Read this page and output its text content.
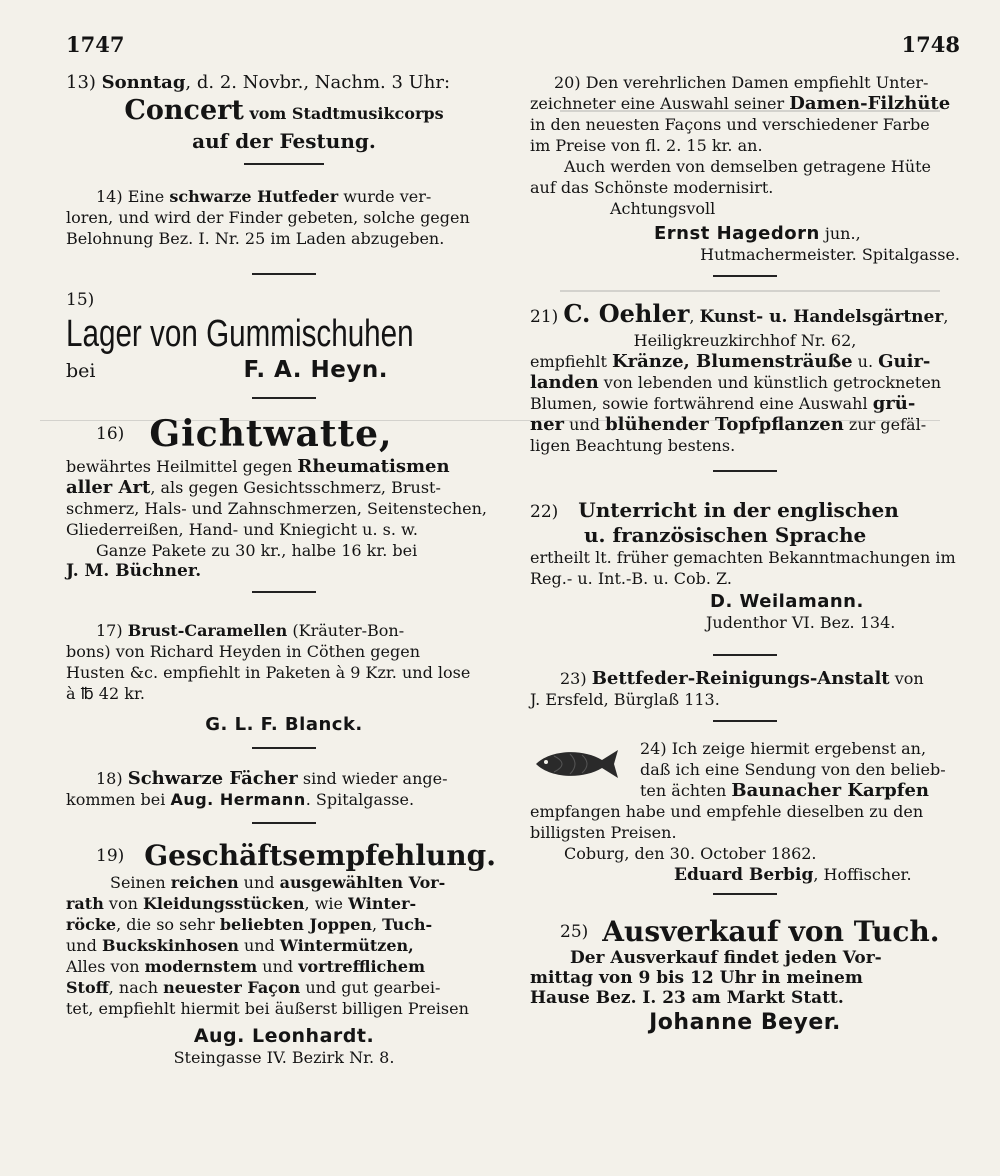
1747	1748

13) Sonntag, d. 2. Novbr., Nachm. 3 Uhr:

Concert vom Stadtmusikcorps

auf der Festung.

14) Eine schwarze Hutfeder wurde ver-

loren, und wird der Finder gebeten, solche gegen

Belohnung Bez. I. Nr. 25 im Laden abzugeben.

15) Lager von Gummischuhen

bei	F. A. Heyn.

16) Gichtwatte,

bewährtes Heilmittel gegen Rheumatismen

aller Art, als gegen Gesichtsschmerz, Brust-

schmerz, Hals- und Zahnschmerzen, Seitenstechen,

Gliederreißen, Hand- und Kniegicht u. s. w.

Ganze Pakete zu 30 kr., halbe 16 kr. bei

J. M. Büchner.

17) Brust-Caramellen (Kräuter-Bon-

bons) von Richard Heyden in Cöthen gegen

Husten &c. empfiehlt in Paketen à 9 Kzr. und lose

à ℔ 42 kr.

G. L. F. Blanck.

18) Schwarze Fächer sind wieder ange-

kommen bei Aug. Hermann. Spitalgasse.

19) Geschäftsempfehlung.

Seinen reichen und ausgewählten Vor-

rath von Kleidungsstücken, wie Winter-

röcke, die so sehr beliebten Joppen, Tuch-

und Buckskinhosen und Wintermützen,

Alles von modernstem und vortrefflichem

Stoff, nach neuester Façon und gut gearbei-

tet, empfiehlt hiermit bei äußerst billigen Preisen

Aug. Leonhardt.

Steingasse IV. Bezirk Nr. 8.

20) Den verehrlichen Damen empfiehlt Unter-

zeichneter eine Auswahl seiner Damen-Filzhüte

in den neuesten Façons und verschiedener Farbe

im Preise von fl. 2. 15 kr. an.

Auch werden von demselben getragene Hüte

auf das Schönste modernisirt.

Achtungsvoll

Ernst Hagedorn jun.,

Hutmachermeister. Spitalgasse.

21) C. Oehler, Kunst- u. Handelsgärtner,

Heiligkreuzkirchhof Nr. 62,

empfiehlt Kränze, Blumensträuße u. Guir-

landen von lebenden und künstlich getrockneten

Blumen, sowie fortwährend eine Auswahl grü-

ner und blühender Topfpflanzen zur gefäl-

ligen Beachtung bestens.

22) Unterricht in der englischen

u. französischen Sprache

ertheilt lt. früher gemachten Bekanntmachungen im

Reg.- u. Int.-B. u. Cob. Z.

D. Weilamann.

Judenthor VI. Bez. 134.

23) Bettfeder-Reinigungs-Anstalt von

J. Ersfeld, Bürglaß 113.

24) Ich zeige hiermit ergebenst an,

daß ich eine Sendung von den belieb-

ten ächten Baunacher Karpfen

empfangen habe und empfehle dieselben zu den

billigsten Preisen.

Coburg, den 30. October 1862.

Eduard Berbig, Hoffischer.

25) Ausverkauf von Tuch.

Der Ausverkauf findet jeden Vor-

mittag von 9 bis 12 Uhr in meinem

Hause Bez. I. 23 am Markt Statt.

Johanne Beyer.
